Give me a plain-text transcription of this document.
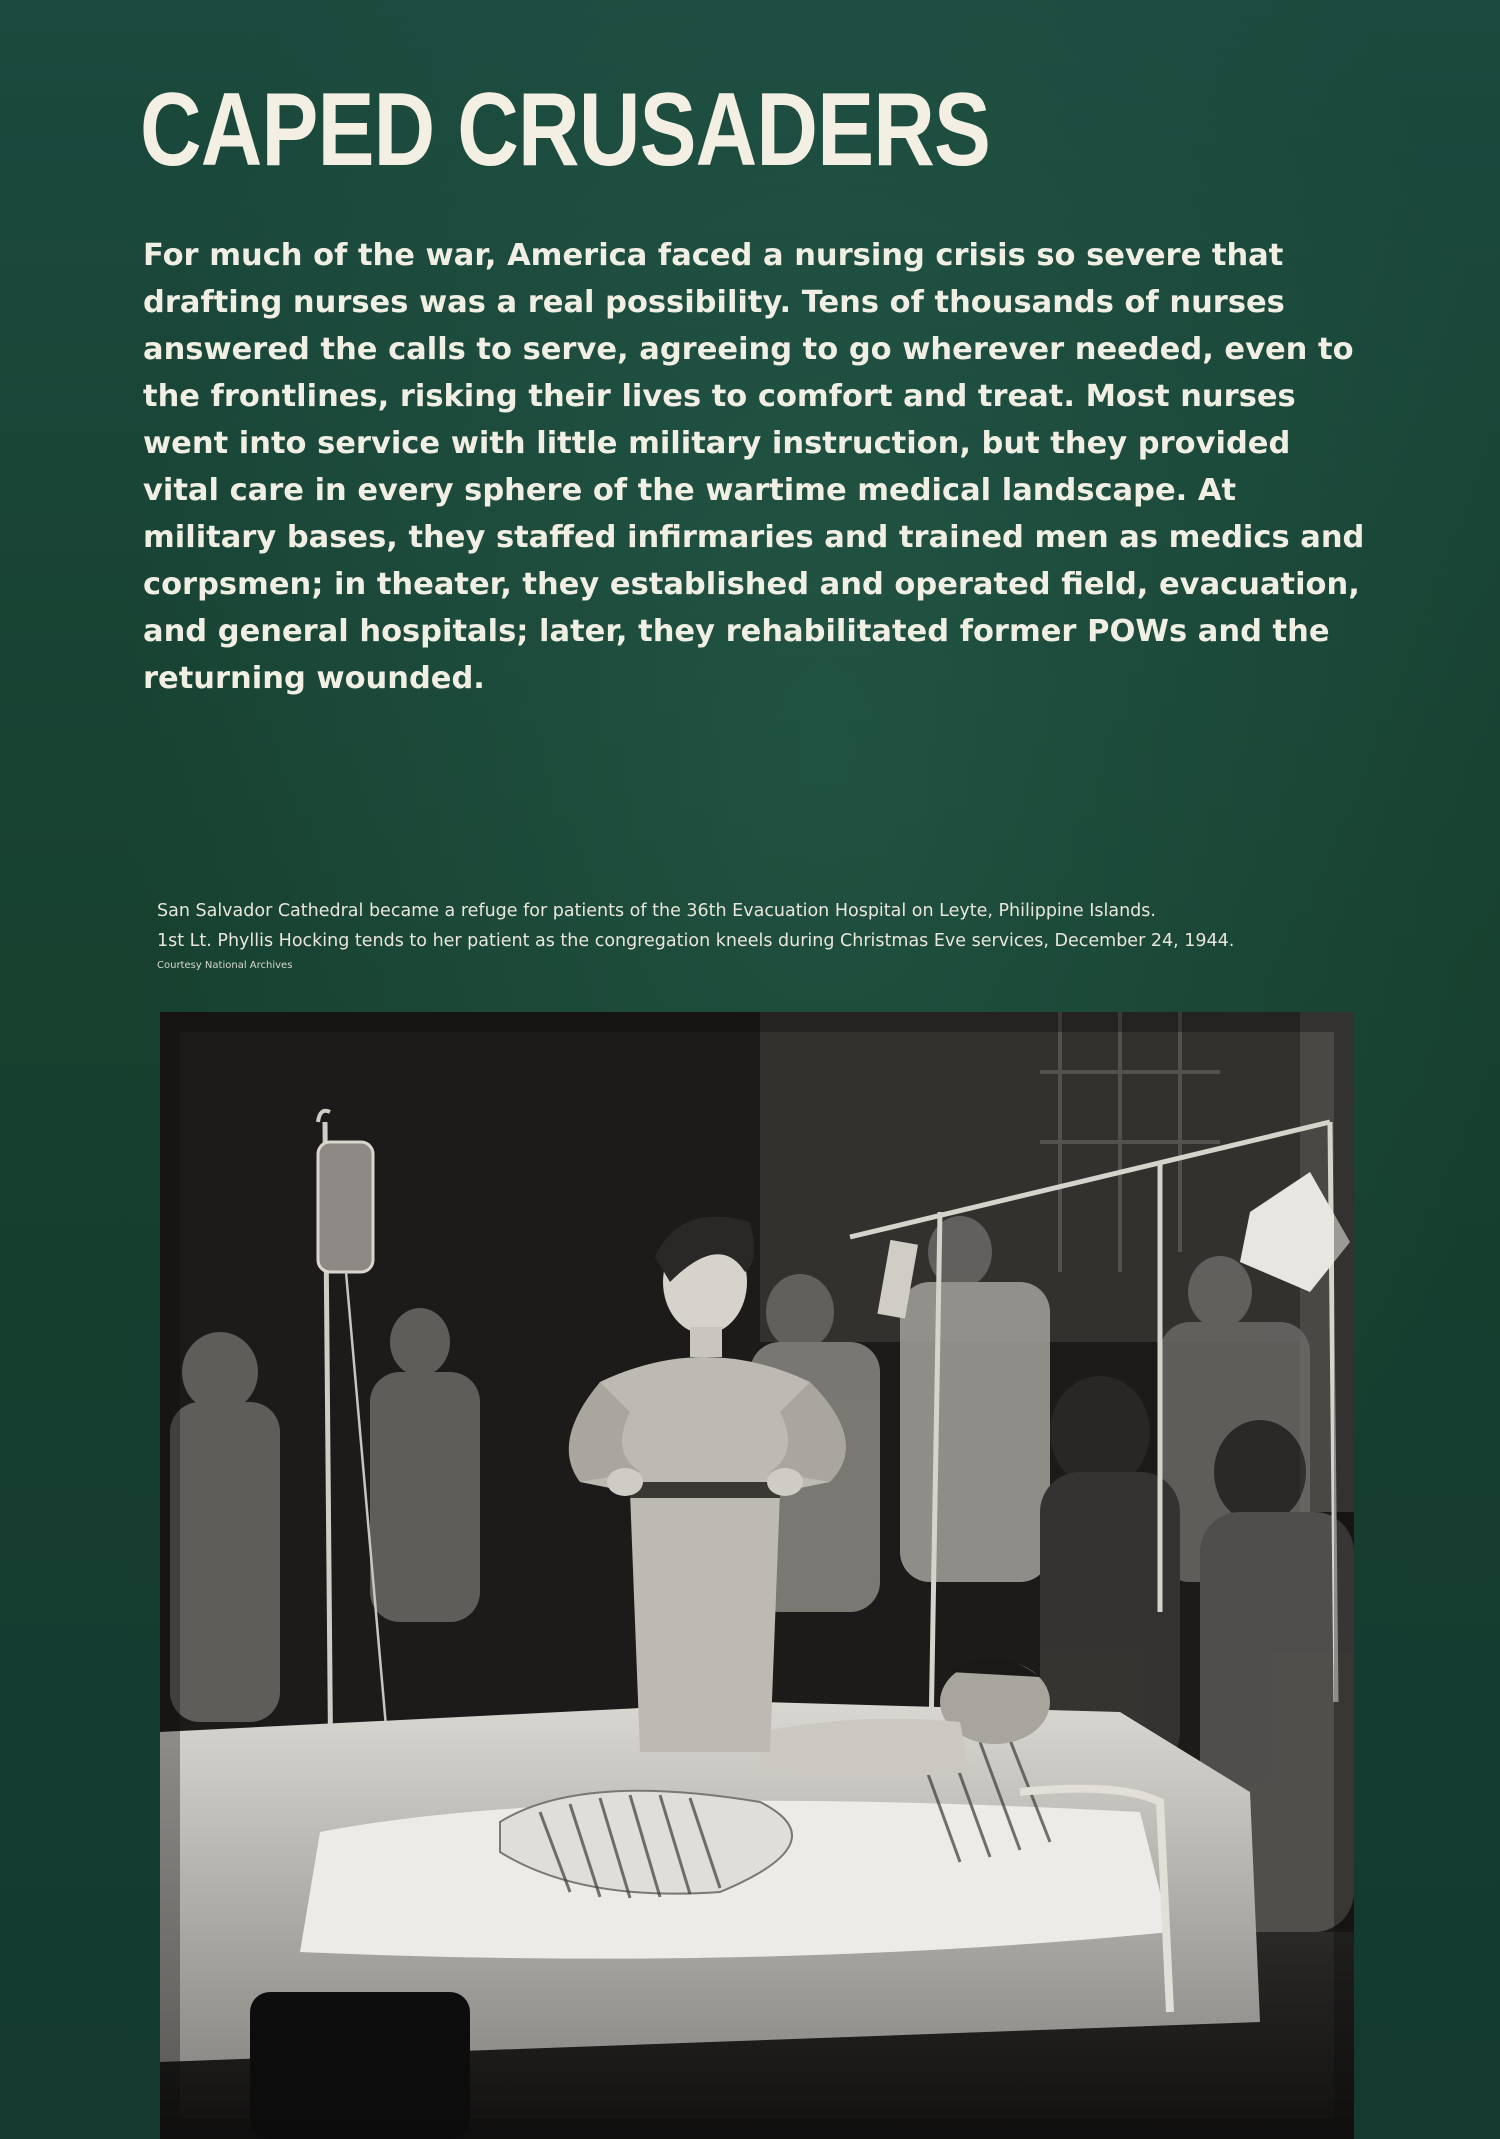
CAPED CRUSADERS

For much of the war, America faced a nursing crisis so severe that drafting nurses was a real possibility. Tens of thousands of nurses answered the calls to serve, agreeing to go wherever needed, even to the frontlines, risking their lives to comfort and treat. Most nurses went into service with little military instruction, but they provided vital care in every sphere of the wartime medical landscape. At military bases, they staffed infirmaries and trained men as medics and corpsmen; in theater, they established and operated field, evacuation, and general hospitals; later, they rehabilitated former POWs and the returning wounded.

San Salvador Cathedral became a refuge for patients of the 36th Evacuation Hospital on Leyte, Philippine Islands.
1st Lt. Phyllis Hocking tends to her patient as the congregation kneels during Christmas Eve services, December 24, 1944.
Courtesy National Archives
